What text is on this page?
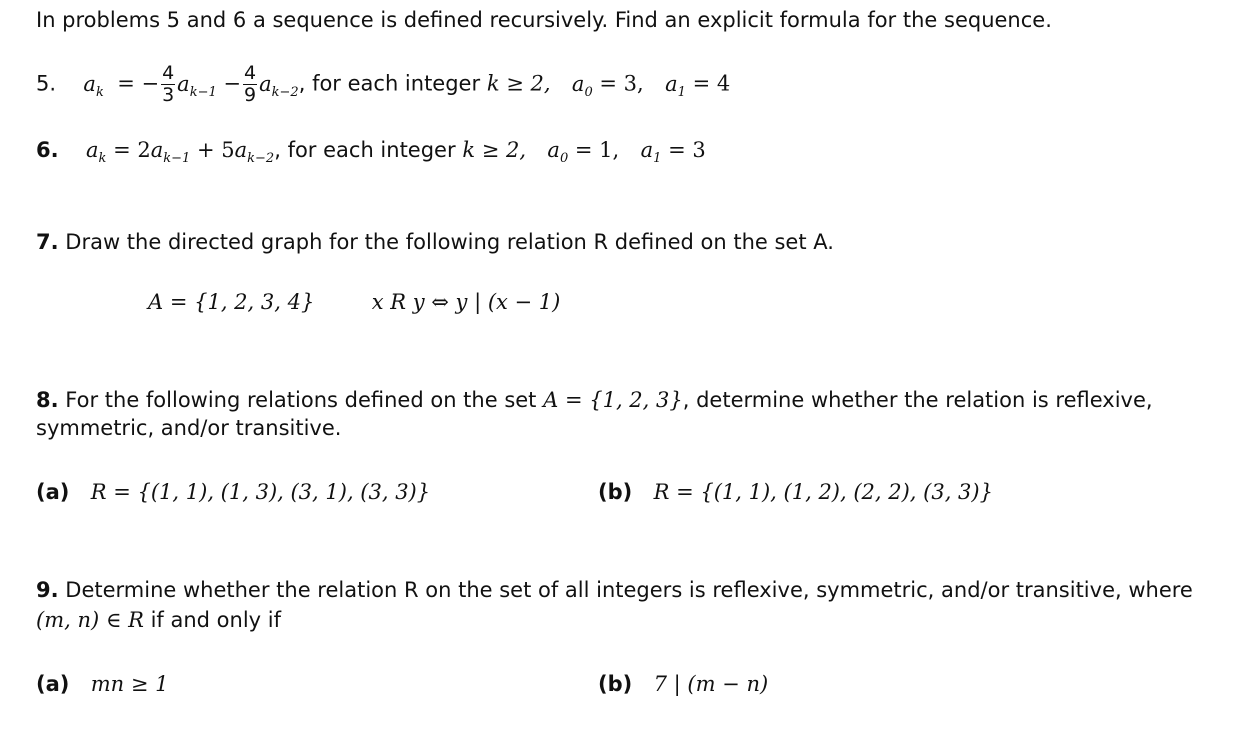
In problems 5 and 6 a sequence is defined recursively. Find an explicit formula for the sequence.
5. $a_k$  = − $\frac{4}{3} a_{k-1} - \frac{4}{9} a_{k-2}$, for each integer k ≥ 2, $a_0 = 3$, $a_1 = 4$
6. $a_k = 2a_{k-1} + 5a_{k-2}$, for each integer k ≥ 2, $a_0 = 1$, $a_1 = 3$
7. Draw the directed graph for the following relation R defined on the set A.
A = {1, 2, 3, 4}	x R y ⇔ y | (x − 1)
8. For the following relations defined on the set A = {1, 2, 3}, determine whether the relation is reflexive,
symmetric, and/or transitive.
(a) R = {(1, 1), (1, 3), (3, 1), (3, 3)}	(b) R = {(1, 1), (1, 2), (2, 2), (3, 3)}
9. Determine whether the relation R on the set of all integers is reflexive, symmetric, and/or transitive, where
(m, n) ∈ R if and only if
(a) mn ≥ 1	(b) 7 | (m − n)
